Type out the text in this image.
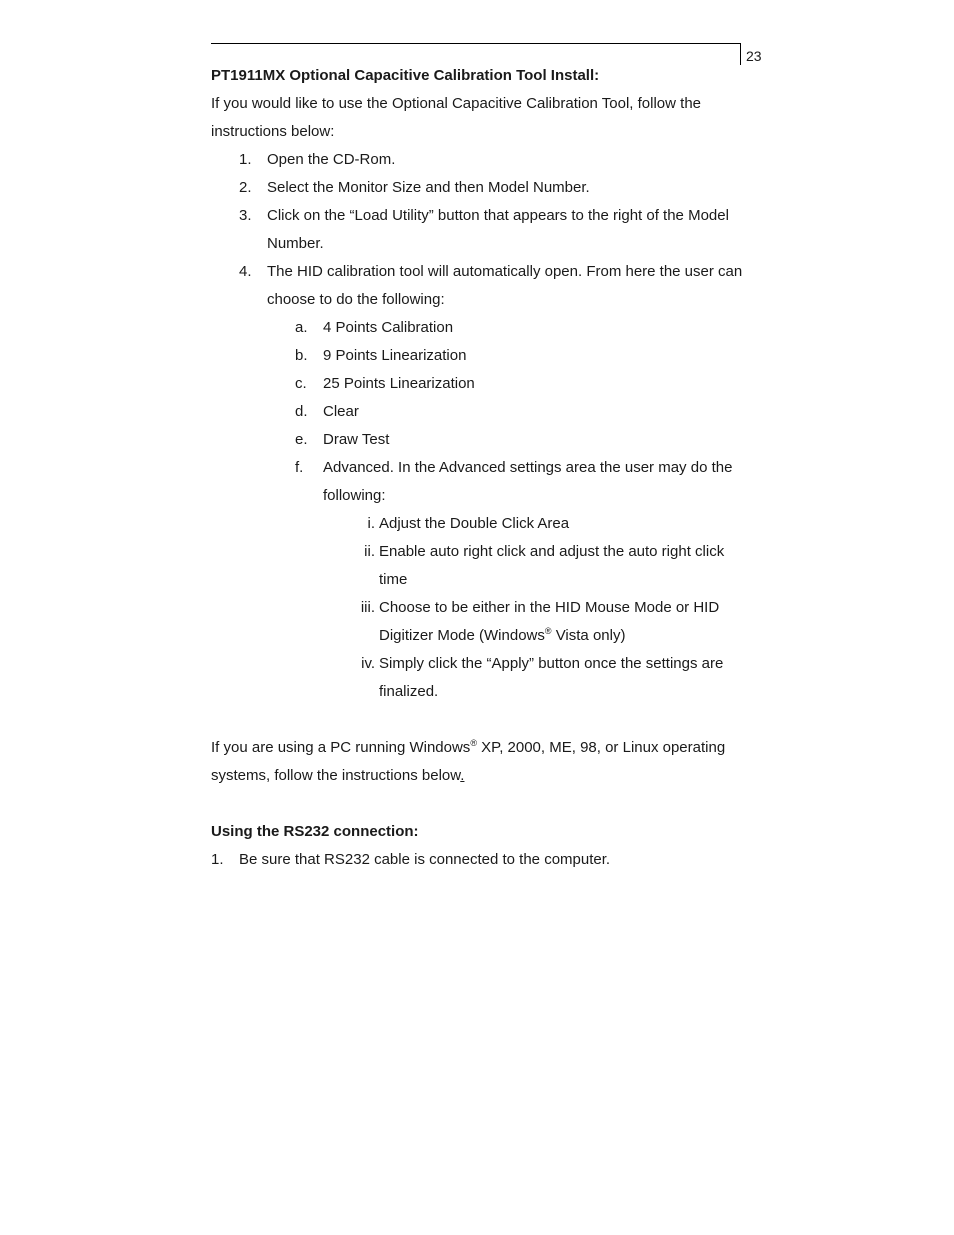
23
PT1911MX Optional Capacitive Calibration Tool Install:
If you would like to use the Optional Capacitive Calibration Tool, follow the instructions below:
1.	Open the CD-Rom.
2.	Select the Monitor Size and then Model Number.
3.	Click on the “Load Utility” button that appears to the right of the Model Number.
4.	The HID calibration tool will automatically open. From here the user can choose to do the following:
a. 4 Points Calibration
b. 9 Points Linearization
c. 25 Points Linearization
d. Clear
e. Draw Test
f. Advanced. In the Advanced settings area the user may do the following:
i. Adjust the Double Click Area
ii. Enable auto right click and adjust the auto right click time
iii. Choose to be either in the HID Mouse Mode or HID Digitizer Mode (Windows® Vista only)
iv. Simply click the “Apply” button once the settings are finalized.
If you are using a PC running Windows® XP, 2000, ME, 98, or Linux operating systems, follow the instructions below.
Using the RS232 connection:
1. Be sure that RS232 cable is connected to the computer.
